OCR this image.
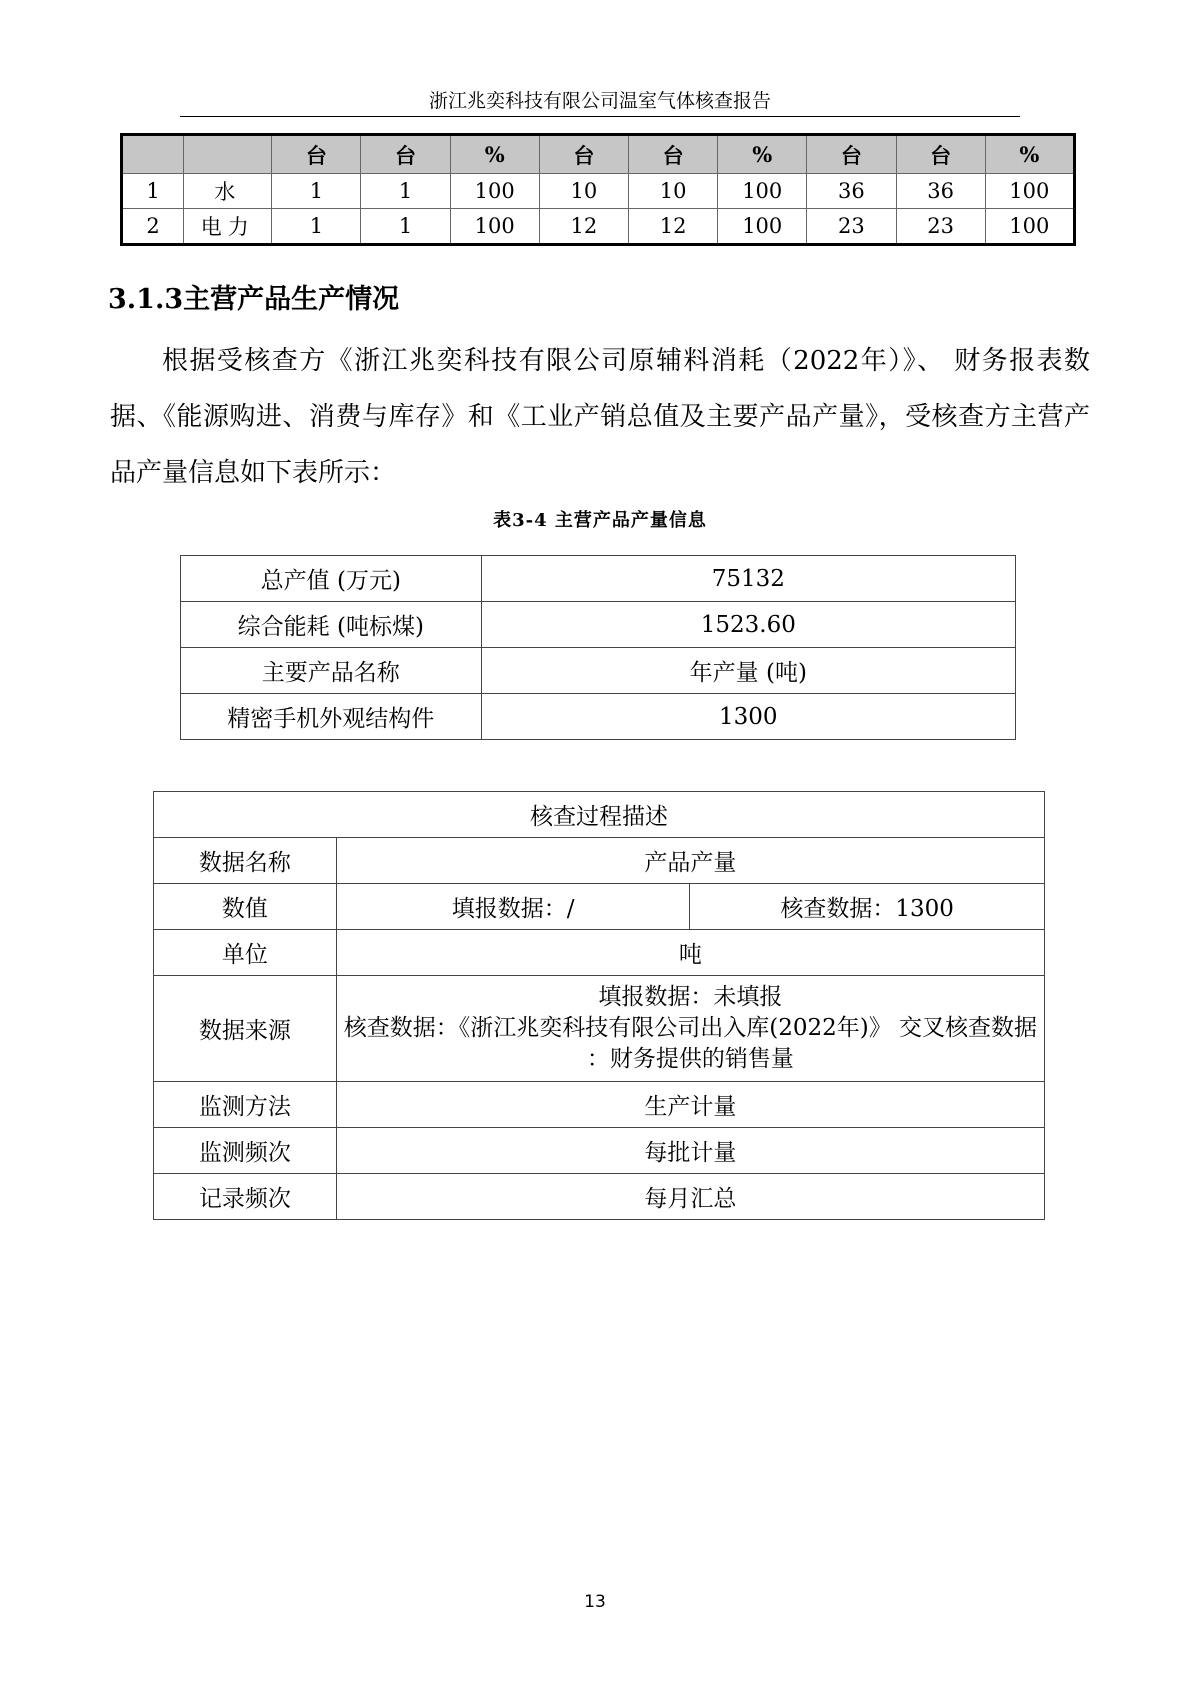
浙江兆奕科技有限公司温室气体核查报告
		台	台	%	台	台	%	台	台	%
1	水	1	1	100	10	10	100	36	36	100
2	电力	1	1	100	12	12	100	23	23	100
3.1.3主营产品生产情况

根据受核查方《浙江兆奕科技有限公司原辅料消耗（2022年）》、 财务报表数据、《能源购进、消费与库存》和《工业产销总值及主要产品产量》，受核查方主营产品产量信息如下表所示：

表3-4 主营产品产量信息
总产值 (万元)	75132
综合能耗 (吨标煤)	1523.60
主要产品名称	年产量 (吨)
精密手机外观结构件	1300
核查过程描述		
数据名称	产品产量	
数值	填报数据：/	核查数据：1300
单位	吨	
数据来源	填报数据：未填报
核查数据：《浙江兆奕科技有限公司出入库(2022年)》 交叉核查数据
：财务提供的销售量	

监测方法	生产计量	
监测频次	每批计量	
记录频次	每月汇总	
13
